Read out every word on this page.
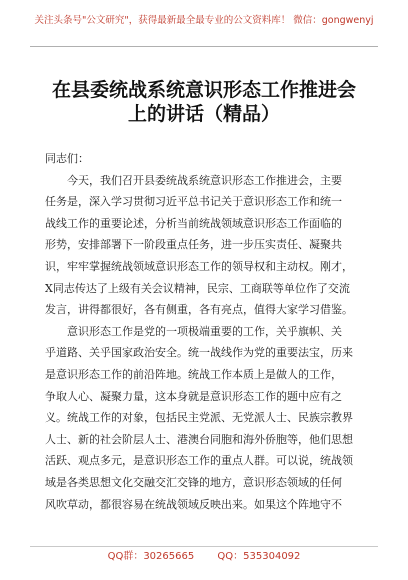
关注头条号"公文研究"，获得最新最全最专业的公文资料库！ 微信：gongwenyj
在县委统战系统意识形态工作推进会
上的讲话（精品）
同志们：
今天，我们召开县委统战系统意识形态工作推进会，主要
任务是，深入学习贯彻习近平总书记关于意识形态工作和统一
战线工作的重要论述，分析当前统战领域意识形态工作面临的
形势，安排部署下一阶段重点任务，进一步压实责任、凝聚共
识，牢牢掌握统战领域意识形态工作的领导权和主动权。刚才，
X同志传达了上级有关会议精神，民宗、工商联等单位作了交流
发言，讲得都很好，各有侧重，各有亮点，值得大家学习借鉴。
意识形态工作是党的一项极端重要的工作，关乎旗帜、关
乎道路、关乎国家政治安全。统一战线作为党的重要法宝，历来
是意识形态工作的前沿阵地。统战工作本质上是做人的工作，
争取人心、凝聚力量，这本身就是意识形态工作的题中应有之
义。统战工作的对象，包括民主党派、无党派人士、民族宗教界
人士、新的社会阶层人士、港澳台同胞和海外侨胞等，他们思想
活跃、观点多元，是意识形态工作的重点人群。可以说，统战领
域是各类思想文化交融交汇交锋的地方，意识形态领域的任何
风吹草动，都很容易在统战领域反映出来。如果这个阵地守不
QQ群：30265665 QQ：535304092
